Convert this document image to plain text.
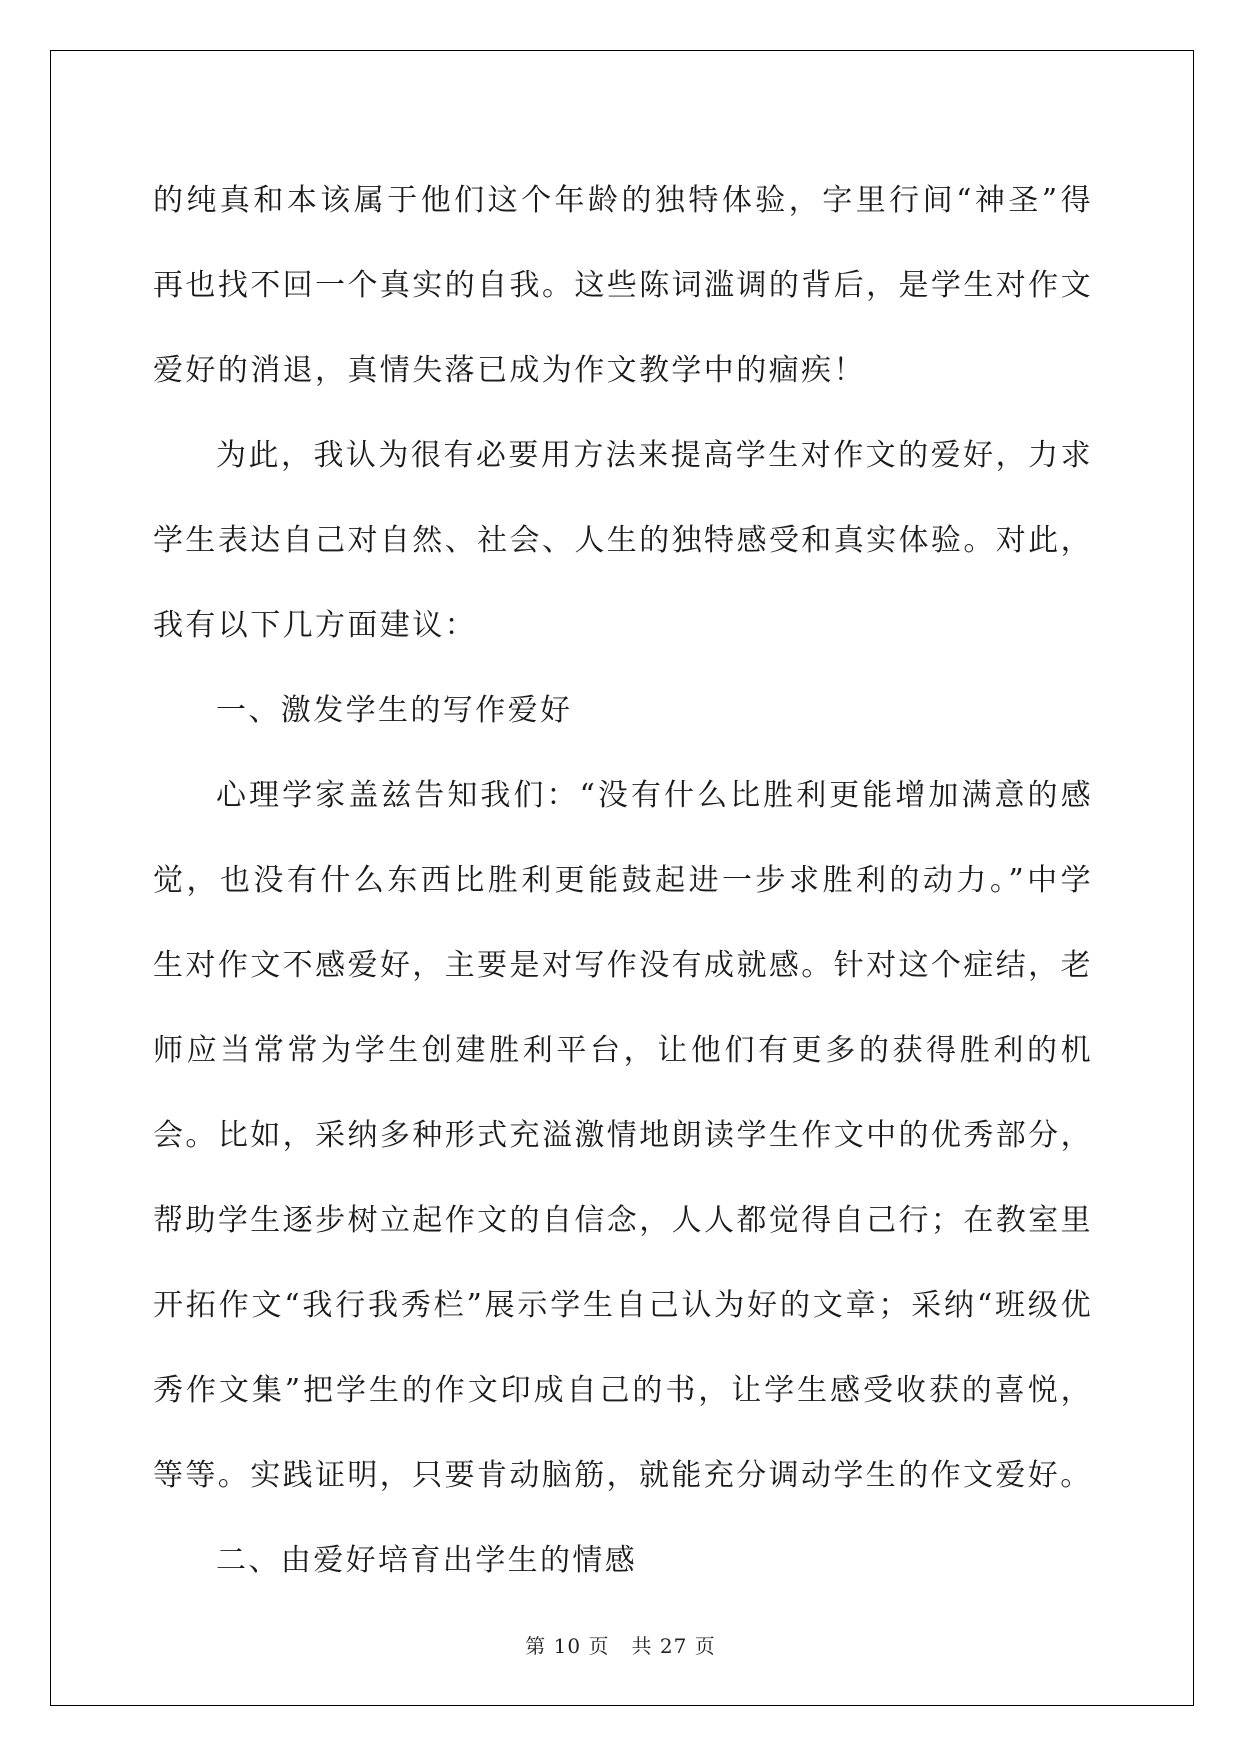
的纯真和本该属于他们这个年龄的独特体验，字里行间“神圣”得再也找不回一个真实的自我。这些陈词滥调的背后，是学生对作文爱好的消退，真情失落已成为作文教学中的痼疾！

为此，我认为很有必要用方法来提高学生对作文的爱好，力求学生表达自己对自然、社会、人生的独特感受和真实体验。对此，我有以下几方面建议：

一、激发学生的写作爱好

心理学家盖兹告知我们：“没有什么比胜利更能增加满意的感觉，也没有什么东西比胜利更能鼓起进一步求胜利的动力。”中学生对作文不感爱好，主要是对写作没有成就感。针对这个症结，老师应当常常为学生创建胜利平台，让他们有更多的获得胜利的机会。比如，采纳多种形式充溢激情地朗读学生作文中的优秀部分，帮助学生逐步树立起作文的自信念，人人都觉得自己行；在教室里开拓作文“我行我秀栏”展示学生自己认为好的文章；采纳“班级优秀作文集”把学生的作文印成自己的书，让学生感受收获的喜悦，等等。实践证明，只要肯动脑筋，就能充分调动学生的作文爱好。

二、由爱好培育出学生的情感

第 10 页   共 27 页
